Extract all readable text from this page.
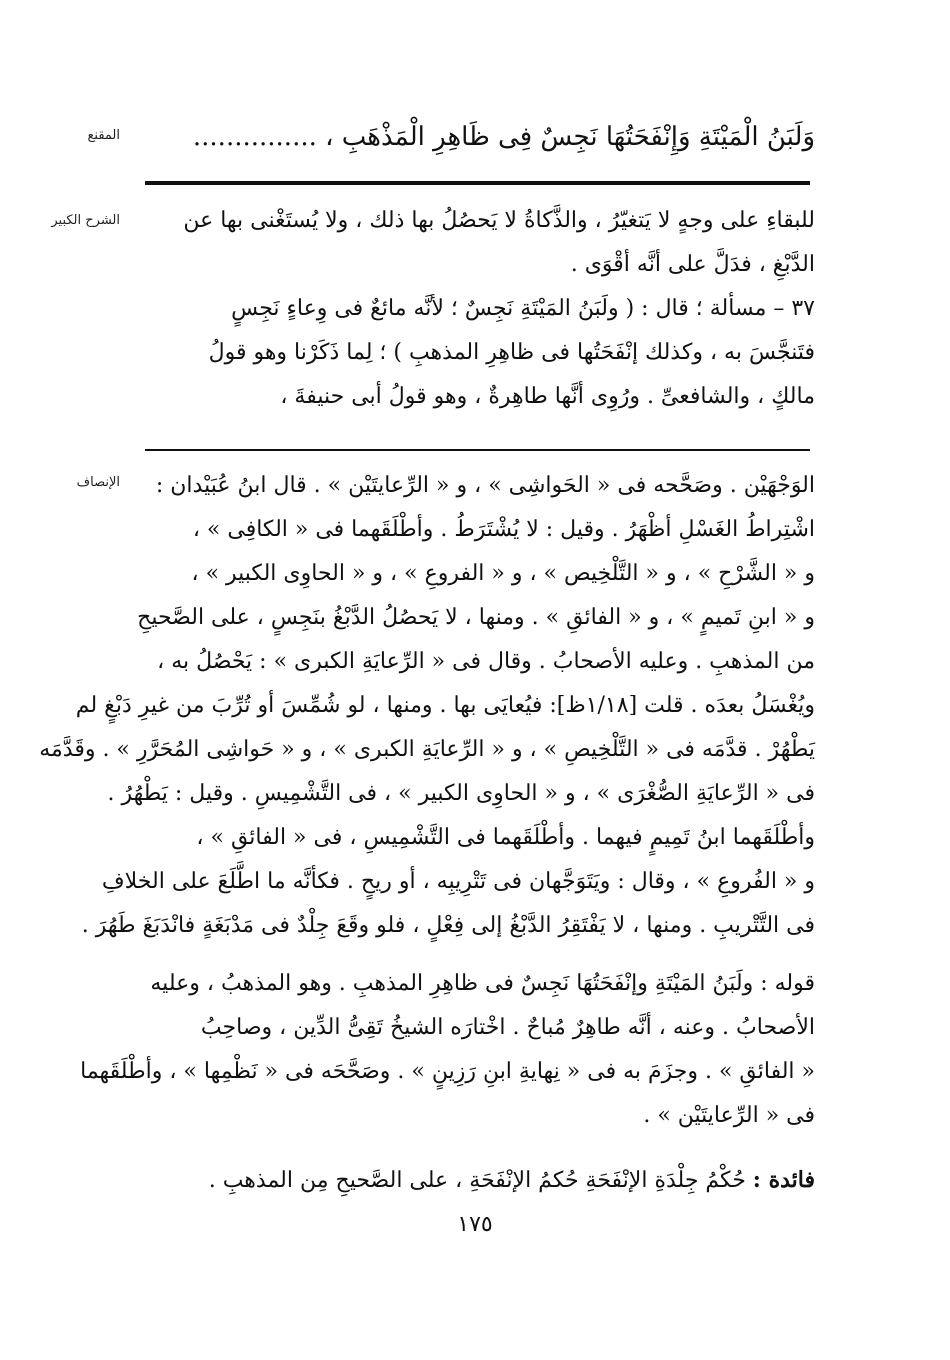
المقنع	وَلَبَنُ الْمَيْتَةِ وَإِنْفَحَتُهَا نَجِسٌ فِى ظَاهِرِ الْمَذْهَبِ ، ...............
الشرح الكبير	للبقاءِ على وجهٍ لا يَتغيّرُ ، والذَّكاةُ لا يَحصُلُ بها ذلك ، ولا يُستَغْنى بها عن
الدَّبْغِ ، فدَلَّ على أنَّه أقْوَى .
٣٧ – مسألة ؛ قال : ( ولَبَنُ المَيْتَةِ نَجِسٌ ؛ لأنَّه مائعٌ فى وِعاءٍ نَجِسٍ
فتَنجَّسَ به ، وكذلك إنْفَحَتُها فى ظاهِرِ المذهبِ ) ؛ لِما ذَكَرْنا وهو قولُ
مالكٍ ، والشافعىِّ . ورُوِى أنَّها طاهِرةٌ ، وهو قولُ أبى حنيفةَ ،
الإنصاف	الوَجْهَيْن . وصَحَّحه فى « الحَواشِى » ، و « الرِّعايتَيْن » . قال ابنُ عُبَيْدان :
اشْتِراطُ الغَسْلِ أظْهَرُ . وقيل : لا يُشْتَرَطُ . وأطْلَقَهما فى « الكافِى » ،
و « الشَّرْحِ » ، و « التَّلْخِيص » ، و « الفروعِ » ، و « الحاوِى الكبير » ،
و « ابنِ تَميمٍ » ، و « الفائقِ » . ومنها ، لا يَحصُلُ الدَّبْغُ بنَجِسٍ ، على الصَّحيحِ
من المذهبِ . وعليه الأصحابُ . وقال فى « الرِّعايَةِ الكبرى » : يَحْصُلُ به ،
ويُغْسَلُ بعدَه . قلت [١/١٨ظ]: فيُعايَى بها . ومنها ، لو شُمِّسَ أو تُرِّبَ من غيرِ دَبْغٍ لم
يَطْهُرْ . قدَّمَه فى « التَّلْخِيصِ » ، و « الرِّعايَةِ الكبرى » ، و « حَواشِى المُحَرَّرِ » . وقَدَّمَه
فى « الرِّعايَةِ الصُّغْرَى » ، و « الحاوِى الكبير » ، فى التَّشْمِيسِ . وقيل : يَطْهُرُ .
وأطْلَقَهما ابنُ تَمِيمٍ فيهما . وأطْلَقَهما فى التَّشْمِيسِ ، فى « الفائقِ » ،
و « الفُروعِ » ، وقال : ويَتَوَجَّهان فى تَتْرِيبِه ، أو ريحٍ . فكأنَّه ما اطَّلَعَ على الخلافِ
فى التَّتْريبِ . ومنها ، لا يَفْتَقِرُ الدَّبْغُ إلى فِعْلٍ ، فلو وقَعَ جِلْدٌ فى مَدْبَغَةٍ فانْدَبَغَ طَهُرَ .
قوله : ولَبَنُ المَيْتَةِ وإنْفَحَتُهَا نَجِسٌ فى ظاهِرِ المذهبِ . وهو المذهبُ ، وعليه
الأصحابُ . وعنه ، أنَّه طاهِرٌ مُباحٌ . اخْتارَه الشيخُ تَقِىُّ الدِّين ، وصاحِبُ
« الفائقِ » . وجزَمَ به فى « نِهايةِ ابنِ رَزِينٍ » . وصَحَّحَه فى « نَظْمِها » ، وأطْلَقَهما
فى « الرِّعايتَيْن » .
فائدة : حُكْمُ جِلْدَةِ الإنْفَحَةِ حُكمُ الإنْفَحَةِ ، على الصَّحيحِ مِن المذهبِ .
١٧٥
